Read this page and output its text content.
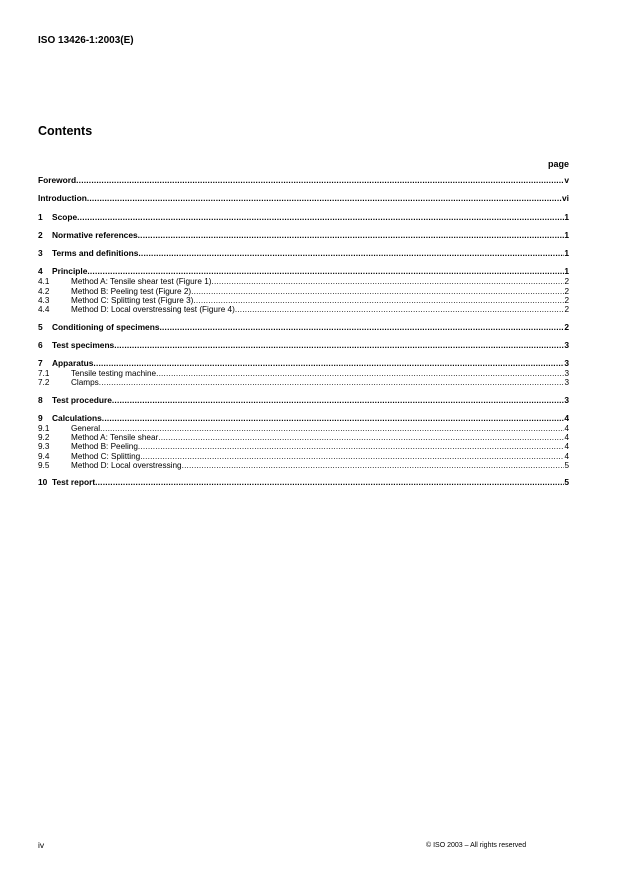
ISO 13426-1:2003(E)
Contents
page
Foreword .....	v
Introduction .....	vi
1	Scope .....	1
2	Normative references .....	1
3	Terms and definitions .....	1
4	Principle .....	1
4.1	Method A: Tensile shear test (Figure 1) .....	2
4.2	Method B: Peeling test (Figure 2) .....	2
4.3	Method C: Splitting test (Figure 3) .....	2
4.4	Method D: Local overstressing test (Figure 4) .....	2
5	Conditioning of specimens .....	2
6	Test specimens .....	3
7	Apparatus .....	3
7.1	Tensile testing machine .....	3
7.2	Clamps .....	3
8	Test procedure .....	3
9	Calculations .....	4
9.1	General .....	4
9.2	Method A: Tensile shear .....	4
9.3	Method B: Peeling .....	4
9.4	Method C: Splitting .....	4
9.5	Method D: Local overstressing .....	5
10 Test report .....	5
iv	© ISO 2003 – All rights reserved
